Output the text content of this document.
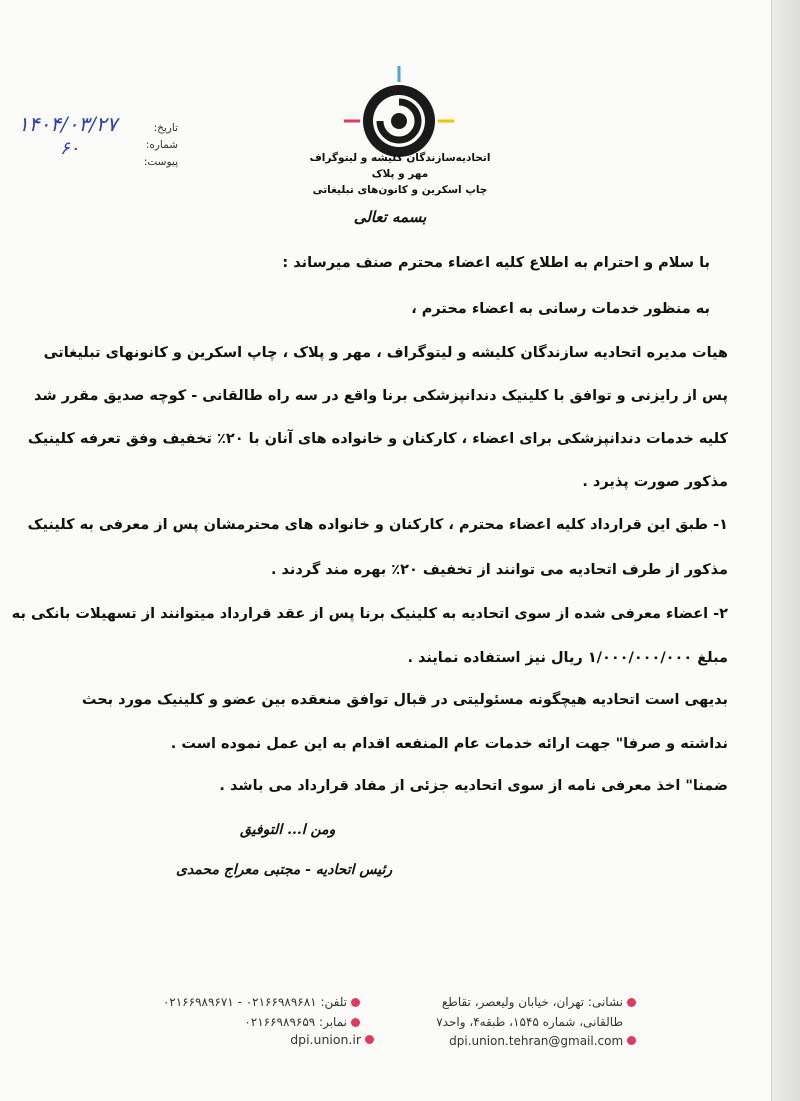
تاریخ:
شماره:
پیوست:
۱۴۰۴/۰۳/۲۷
۶۰	اتحادیه‌سازندگان کلیشه و لیتوگراف مهر و پلاک
چاپ اسکرین و کانون‌های تبلیغاتی
بسمه تعالی
با سلام و احترام به اطلاع کلیه اعضاء محترم صنف میرساند :
به منظور خدمات رسانی به اعضاء محترم ،
هیات مدیره اتحادیه سازندگان کلیشه و لیتوگراف ، مهر و پلاک ، چاپ اسکرین و کانونهای تبلیغاتی
پس از رایزنی و توافق با کلینیک دندانپزشکی برنا واقع در سه راه طالقانی - کوچه صدیق مقرر شد
کلیه خدمات دندانپزشکی برای اعضاء ، کارکنان و خانواده های آنان با ۲۰٪ تخفیف وفق تعرفه کلینیک
مذکور صورت پذیرد .
۱- طبق این قرارداد کلیه اعضاء محترم ، کارکنان و خانواده های محترمشان پس از معرفی به کلینیک
مذکور از طرف اتحادیه می توانند از تخفیف ۲۰٪ بهره مند گردند .
۲- اعضاء معرفی شده از سوی اتحادیه به کلینیک برنا پس از عقد قرارداد میتوانند از تسهیلات بانکی به
مبلغ ۱/۰۰۰/۰۰۰/۰۰۰ ریال نیز استفاده نمایند .
بدیهی است اتحادیه هیچگونه مسئولیتی در قبال توافق منعقده بین عضو و کلینیک مورد بحث
نداشته و صرفا" جهت ارائه خدمات عام المنفعه اقدام به این عمل نموده است .
ضمنا" اخذ معرفی نامه از سوی اتحادیه جزئی از مفاد قرارداد می باشد .
ومن ا... التوفیق
رئیس اتحادیه - مجتبی معراج محمدی
نشانی: تهران، خیابان ولیعصر، تقاطع
طالقانی، شماره ۱۵۴۵، طبقه۴، واحد۷
dpi.union.tehran@gmail.com
تلفن: ۰۲۱۶۶۹۸۹۶۸۱ - ۰۲۱۶۶۹۸۹۶۷۱
نمابر: ۰۲۱۶۶۹۸۹۶۵۹
dpi.union.ir
